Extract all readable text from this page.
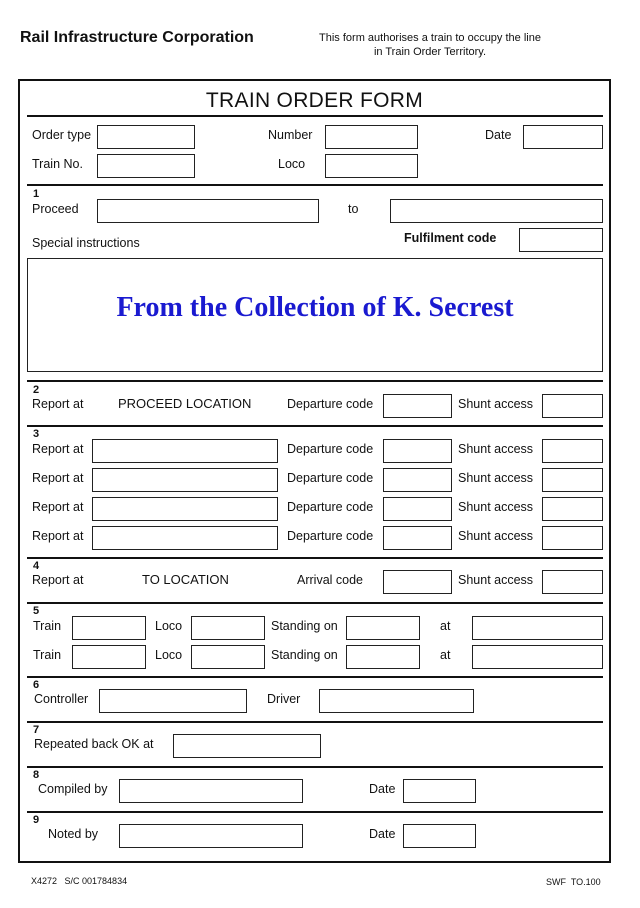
Rail Infrastructure Corporation	This form authorises a train to occupy the line
in Train Order Territory.
TRAIN ORDER FORM
Order type	Number	Date
Train No.	Loco
1
Proceed	to
Special instructions	Fulfilment code
From the Collection of K. Secrest
2
Report at	PROCEED LOCATION	Departure code	Shunt access
3
Report at	Departure code	Shunt access
Report at	Departure code	Shunt access
Report at	Departure code	Shunt access
Report at	Departure code	Shunt access
4
Report at	TO LOCATION	Arrival code	Shunt access
5
Train	Loco	Standing on	at
Train	Loco	Standing on	at
6
Controller	Driver
7
Repeated back OK at
8
Compiled by	Date
9
Noted by	Date
X4272   S/C 001784834	SWF  TO.100
